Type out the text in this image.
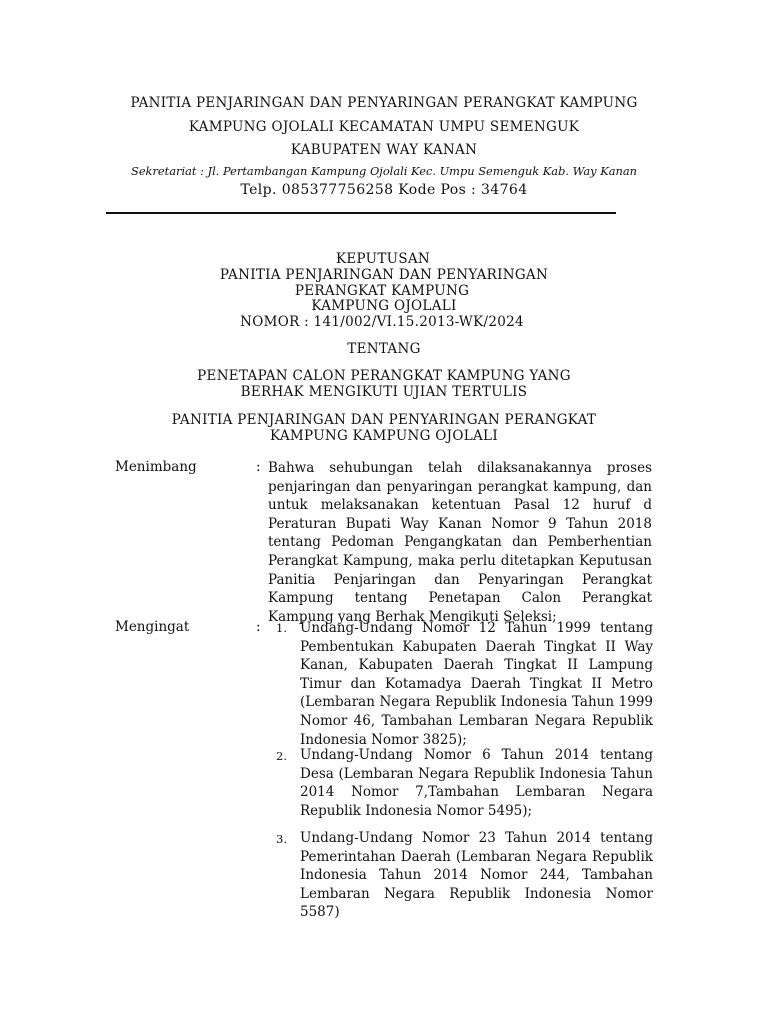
PANITIA PENJARINGAN DAN PENYARINGAN PERANGKAT KAMPUNG
KAMPUNG OJOLALI KECAMATAN UMPU SEMENGUK
KABUPATEN WAY KANAN
Sekretariat : Jl. Pertambangan Kampung Ojolali Kec. Umpu Semenguk Kab. Way Kanan
Telp. 085377756258 Kode Pos : 34764
KEPUTUSAN
PANITIA PENJARINGAN DAN PENYARINGAN
PERANGKAT KAMPUNG
KAMPUNG OJOLALI
NOMOR : 141/002/VI.15.2013-WK/2024
TENTANG
PENETAPAN CALON PERANGKAT KAMPUNG YANG
BERHAK MENGIKUTI UJIAN TERTULIS
PANITIA PENJARINGAN DAN PENYARINGAN PERANGKAT
KAMPUNG KAMPUNG OJOLALI
Menimbang	: Bahwa sehubungan telah dilaksanakannya proses penjaringan dan penyaringan perangkat kampung, dan untuk melaksanakan ketentuan Pasal 12 huruf d Peraturan Bupati Way Kanan Nomor 9 Tahun 2018 tentang Pedoman Pengangkatan dan Pemberhentian Perangkat Kampung, maka perlu ditetapkan Keputusan Panitia Penjaringan dan Penyaringan Perangkat Kampung tentang Penetapan Calon Perangkat Kampung yang Berhak Mengikuti Seleksi;
Mengingat	: 1. Undang-Undang Nomor 12 Tahun 1999 tentang Pembentukan Kabupaten Daerah Tingkat II Way Kanan, Kabupaten Daerah Tingkat II Lampung Timur dan Kotamadya Daerah Tingkat II Metro (Lembaran Negara Republik Indonesia Tahun 1999 Nomor 46, Tambahan Lembaran Negara Republik Indonesia Nomor 3825);
2. Undang-Undang Nomor 6 Tahun 2014 tentang Desa (Lembaran Negara Republik Indonesia Tahun 2014 Nomor 7,Tambahan Lembaran Negara Republik Indonesia Nomor 5495);
3. Undang-Undang Nomor 23 Tahun 2014 tentang Pemerintahan Daerah (Lembaran Negara Republik Indonesia Tahun 2014 Nomor 244, Tambahan Lembaran Negara Republik Indonesia Nomor 5587)
